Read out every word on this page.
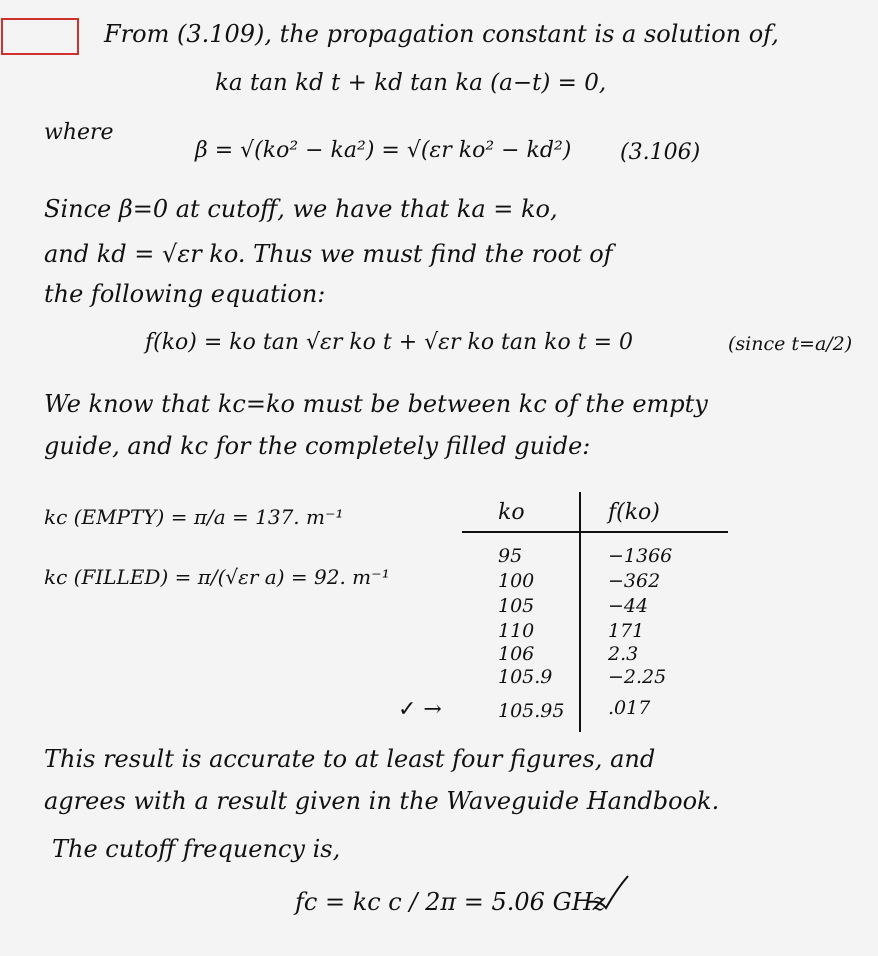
From (3.109), the propagation constant is a solution of,
ka tan kd t + kd tan ka (a−t) = 0,
where
β = √(ko² − ka²) = √(εr ko² − kd²) (3.106)
Since β=0 at cutoff, we have that ka = ko,
and kd = √εr ko. Thus we must find the root of
the following equation:
f(ko) = ko tan √εr ko t + √εr ko tan ko t = 0	(since t=a/2)
We know that kc=ko must be between kc of the empty
guide, and kc for the completely filled guide:
kc (EMPTY) = π/a = 137. m⁻¹
kc (FILLED) = π/(√εr a) = 92. m⁻¹
ko	f(ko)
95	−1366
100	−362
105	−44
110	171
106	2.3
105.9	−2.25
✓ →	105.95 .017
This result is accurate to at least four figures, and
agrees with a result given in the Waveguide Handbook.
The cutoff frequency is,
fc = kc c / 2π = 5.06 GHz
